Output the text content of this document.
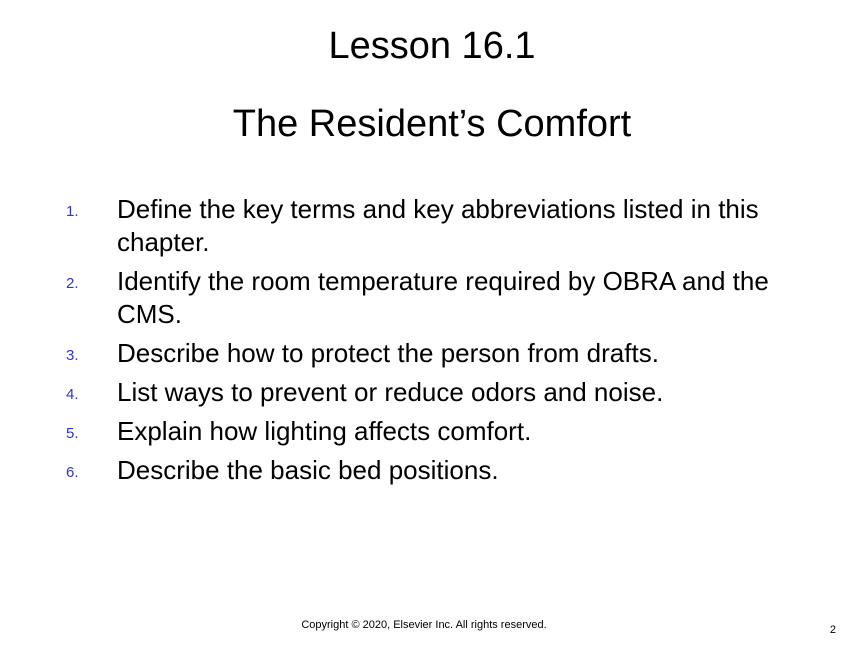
Lesson 16.1
The Resident’s Comfort
1. Define the key terms and key abbreviations listed in this chapter.
2. Identify the room temperature required by OBRA and the CMS.
3. Describe how to protect the person from drafts.
4. List ways to prevent or reduce odors and noise.
5. Explain how lighting affects comfort.
6. Describe the basic bed positions.
Copyright © 2020, Elsevier Inc. All rights reserved.	2
